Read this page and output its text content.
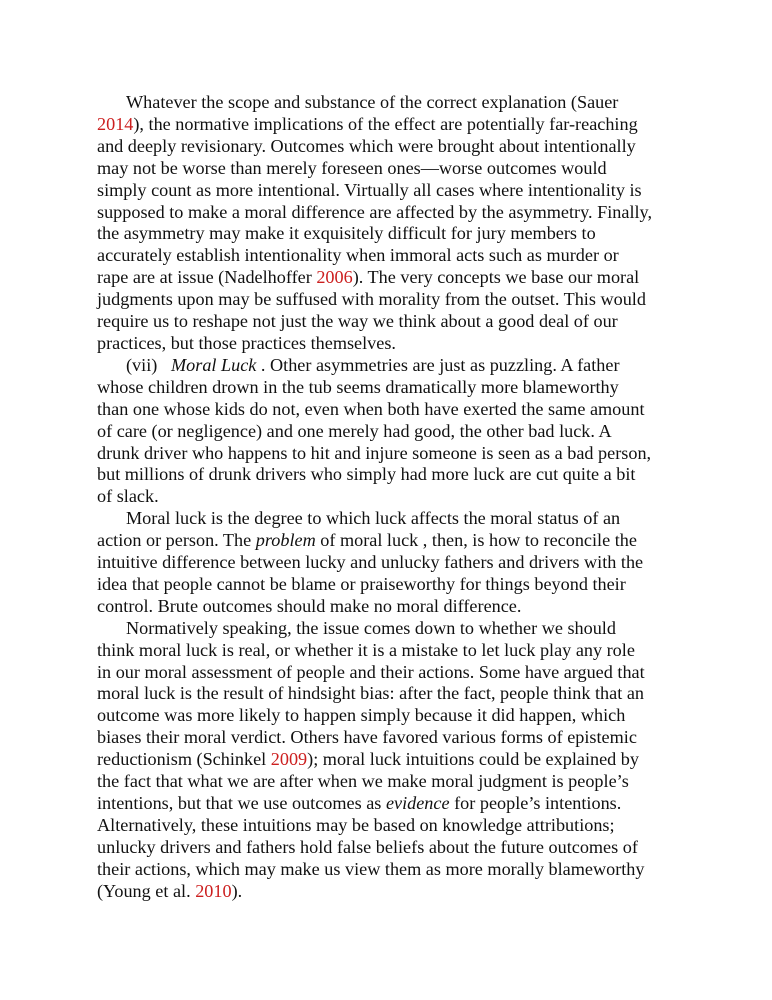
Whatever the scope and substance of the correct explanation (Sauer
2014), the normative implications of the effect are potentially far-reaching
and deeply revisionary. Outcomes which were brought about intentionally
may not be worse than merely foreseen ones—worse outcomes would
simply count as more intentional. Virtually all cases where intentionality is
supposed to make a moral difference are affected by the asymmetry. Finally,
the asymmetry may make it exquisitely difficult for jury members to
accurately establish intentionality when immoral acts such as murder or
rape are at issue (Nadelhoffer 2006). The very concepts we base our moral
judgments upon may be suffused with morality from the outset. This would
require us to reshape not just the way we think about a good deal of our
practices, but those practices themselves.
(vii) Moral Luck . Other asymmetries are just as puzzling. A father
whose children drown in the tub seems dramatically more blameworthy
than one whose kids do not, even when both have exerted the same amount
of care (or negligence) and one merely had good, the other bad luck. A
drunk driver who happens to hit and injure someone is seen as a bad person,
but millions of drunk drivers who simply had more luck are cut quite a bit
of slack.
Moral luck is the degree to which luck affects the moral status of an
action or person. The problem of moral luck , then, is how to reconcile the
intuitive difference between lucky and unlucky fathers and drivers with the
idea that people cannot be blame or praiseworthy for things beyond their
control. Brute outcomes should make no moral difference.
Normatively speaking, the issue comes down to whether we should
think moral luck is real, or whether it is a mistake to let luck play any role
in our moral assessment of people and their actions. Some have argued that
moral luck is the result of hindsight bias: after the fact, people think that an
outcome was more likely to happen simply because it did happen, which
biases their moral verdict. Others have favored various forms of epistemic
reductionism (Schinkel 2009); moral luck intuitions could be explained by
the fact that what we are after when we make moral judgment is people’s
intentions, but that we use outcomes as evidence for people’s intentions.
Alternatively, these intuitions may be based on knowledge attributions;
unlucky drivers and fathers hold false beliefs about the future outcomes of
their actions, which may make us view them as more morally blameworthy
(Young et al. 2010).
